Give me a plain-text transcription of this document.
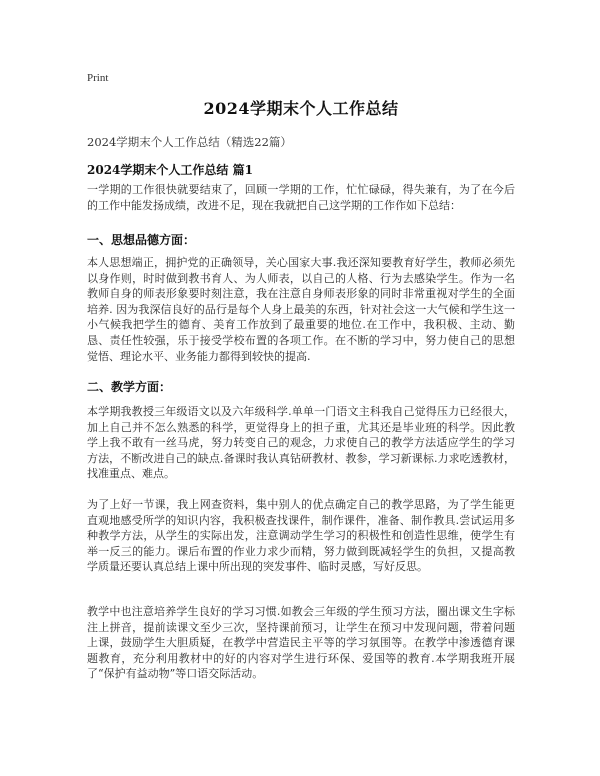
Print
2024学期末个人工作总结
2024学期末个人工作总结（精选22篇）
2024学期末个人工作总结 篇1

一学期的工作很快就要结束了，回顾一学期的工作，忙忙碌碌，得失兼有，为了在今后的工作中能发扬成绩，改进不足，现在我就把自己这学期的工作作如下总结：

一、思想品德方面：

本人思想端正，拥护党的正确领导，关心国家大事.我还深知要教育好学生，教师必须先以身作则，时时做到教书育人、为人师表，以自己的人格、行为去感染学生。作为一名教师自身的师表形象要时刻注意，我在注意自身师表形象的同时非常重视对学生的全面培养. 因为我深信良好的品行是每个人身上最美的东西，针对社会这一大气候和学生这一小气候我把学生的德育、美育工作放到了最重要的地位.在工作中，我积极、主动、勤恳、责任性较强，乐于接受学校布置的各项工作。在不断的学习中，努力使自己的思想觉悟、理论水平、业务能力都得到较快的提高.

二、教学方面：

本学期我教授三年级语文以及六年级科学.单单一门语文主科我自己觉得压力已经很大，加上自己并不怎么熟悉的科学，更觉得身上的担子重，尤其还是毕业班的科学。因此教学上我不敢有一丝马虎，努力转变自己的观念，力求使自己的教学方法适应学生的学习方法，不断改进自己的缺点.备课时我认真钻研教材、教参，学习新课标.力求吃透教材，找准重点、难点。

为了上好一节课，我上网查资料，集中别人的优点确定自己的教学思路，为了学生能更直观地感受所学的知识内容，我积极查找课件，制作课件，准备、制作教具.尝试运用多种教学方法，从学生的实际出发，注意调动学生学习的积极性和创造性思维，使学生有举一反三的能力。课后布置的作业力求少而精，努力做到既减轻学生的负担，又提高教学质量还要认真总结上课中所出现的突发事件、临时灵感，写好反思。

教学中也注意培养学生良好的学习习惯.如教会三年级的学生预习方法，圈出课文生字标注上拼音，提前读课文至少三次，坚持课前预习，让学生在预习中发现问题，带着问题上课，鼓励学生大胆质疑，在教学中营造民主平等的学习氛围等。在教学中渗透德育课题教育，充分利用教材中的好的内容对学生进行环保、爱国等的教育.本学期我班开展了“保护有益动物”等口语交际活动。
